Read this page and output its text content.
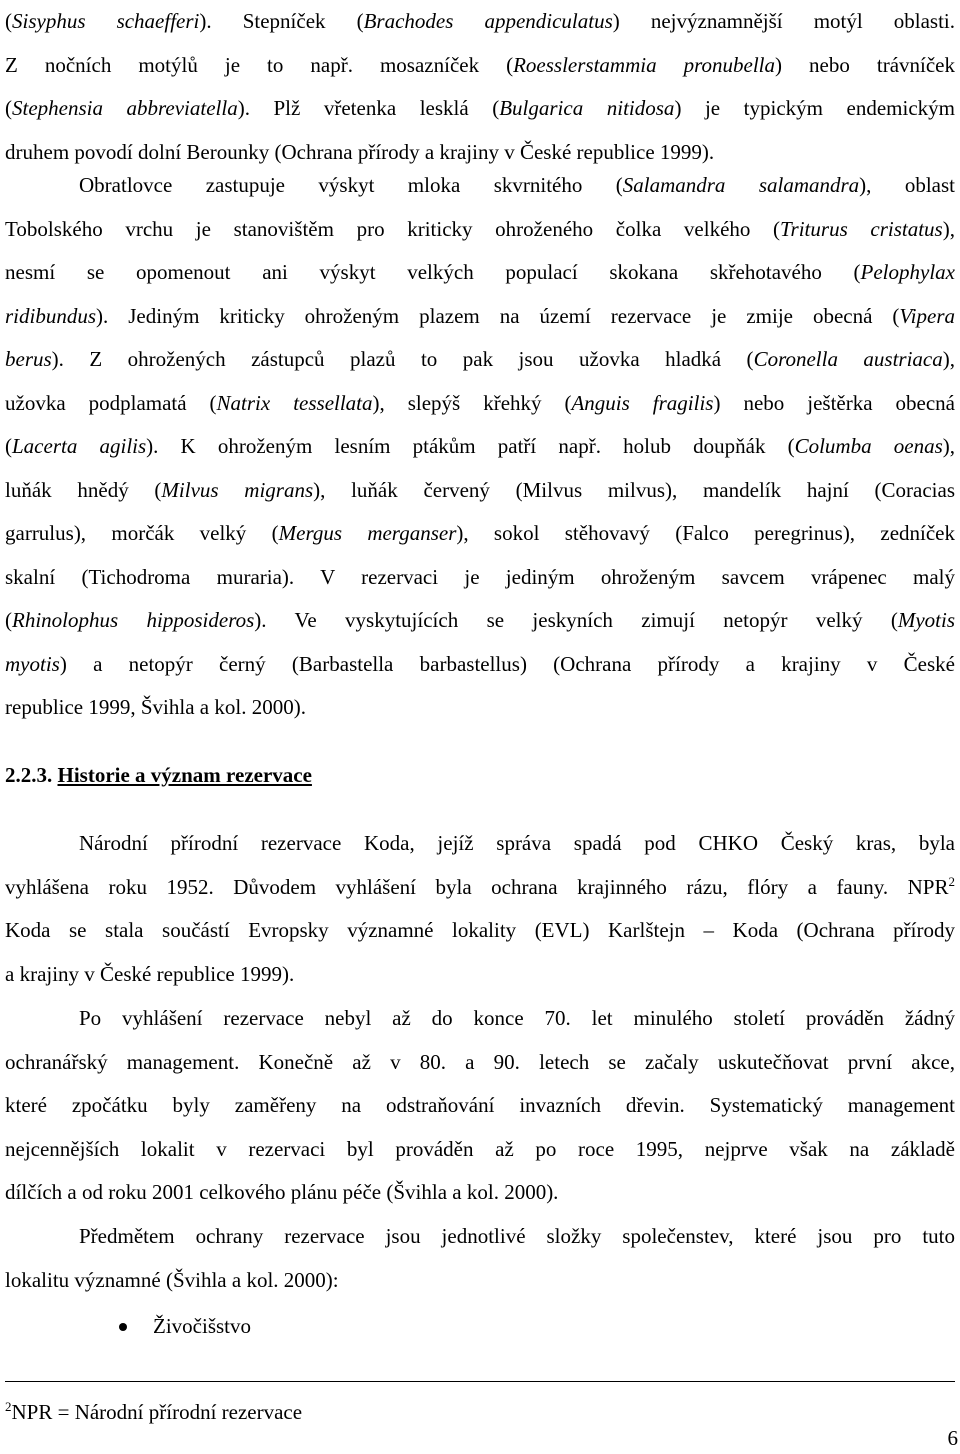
(Sisyphus schaefferi). Stepníček (Brachodes appendiculatus) nejvýznamnější motýl oblasti.
Z nočních motýlů je to např. mosazníček (Roesslerstammia pronubella) nebo trávníček
(Stephensia abbreviatella). Plž vřetenka lesklá (Bulgarica nitidosa) je typickým endemickým
druhem povodí dolní Berounky (Ochrana přírody a krajiny v České republice 1999).
Obratlovce zastupuje výskyt mloka skvrnitého (Salamandra salamandra), oblast
Tobolského vrchu je stanovištěm pro kriticky ohroženého čolka velkého (Triturus cristatus),
nesmí se opomenout ani výskyt velkých populací skokana skřehotavého (Pelophylax
ridibundus). Jediným kriticky ohroženým plazem na území rezervace je zmije obecná (Vipera
berus). Z ohrožených zástupců plazů to pak jsou užovka hladká (Coronella austriaca),
užovka podplamatá (Natrix tessellata), slepýš křehký (Anguis fragilis) nebo ještěrka obecná
(Lacerta agilis). K ohroženým lesním ptákům patří např. holub doupňák (Columba oenas),
luňák hnědý (Milvus migrans), luňák červený (Milvus milvus), mandelík hajní (Coracias
garrulus), morčák velký (Mergus merganser), sokol stěhovavý (Falco peregrinus), zedníček
skalní (Tichodroma muraria). V rezervaci je jediným ohroženým savcem vrápenec malý
(Rhinolophus hipposideros). Ve vyskytujících se jeskyních zimují netopýr velký (Myotis
myotis) a netopýr černý (Barbastella barbastellus) (Ochrana přírody a krajiny v České
republice 1999, Švihla a kol. 2000).
2.2.3. Historie a význam rezervace
Národní přírodní rezervace Koda, jejíž správa spadá pod CHKO Český kras, byla
vyhlášena roku 1952. Důvodem vyhlášení byla ochrana krajinného rázu, flóry a fauny. NPR$^2$
Koda se stala součástí Evropsky významné lokality (EVL) Karlštejn – Koda (Ochrana přírody
a krajiny v České republice 1999).
Po vyhlášení rezervace nebyl až do konce 70. let minulého století prováděn žádný
ochranářský management. Konečně až v 80. a 90. letech se začaly uskutečňovat první akce,
které zpočátku byly zaměřeny na odstraňování invazních dřevin. Systematický management
nejcennějších lokalit v rezervaci byl prováděn až po roce 1995, nejprve však na základě
dílčích a od roku 2001 celkového plánu péče (Švihla a kol. 2000).
Předmětem ochrany rezervace jsou jednotlivé složky společenstev, které jsou pro tuto
lokalitu významné (Švihla a kol. 2000):
Živočišstvo
$^2$NPR = Národní přírodní rezervace
6
